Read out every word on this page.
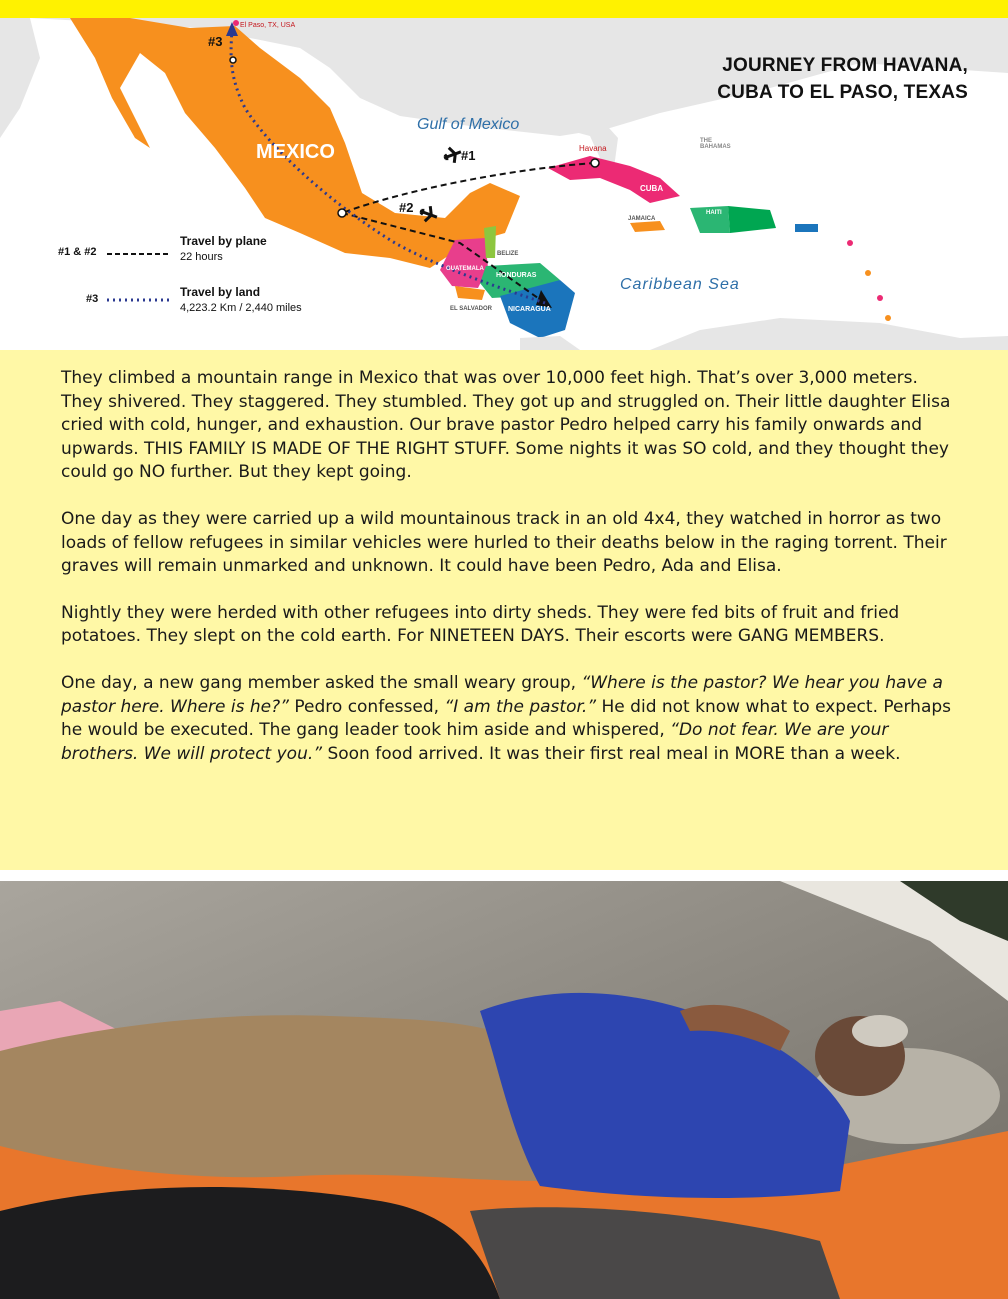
El Paso, TX, USA
#3
#1
#2
Havana
MEXICO
Gulf of Mexico
Caribbean Sea
CUBA
GUATEMALA
HONDURAS
NICARAGUA
EL SALVADOR
BELIZE
THE BAHAMAS
JAMAICA
HAITI
JOURNEY FROM HAVANA,
CUBA TO EL PASO, TEXAS
#1 & #2
Travel by plane
22 hours
#3	Travel by land
4,223.2 Km / 2,440 miles

They climbed a mountain range in Mexico that was over 10,000 feet high. That’s over 3,000 meters. They shivered. They staggered. They stumbled. They got up and struggled on. Their little daughter Elisa cried with cold, hunger, and exhaustion. Our brave pastor Pedro helped carry his family onwards and upwards. THIS FAMILY IS MADE OF THE RIGHT STUFF. Some nights it was SO cold, and they thought they could go NO further. But they kept going.

One day as they were carried up a wild mountainous track in an old 4x4, they watched in horror as two loads of fellow refugees in similar vehicles were hurled to their deaths below in the raging torrent. Their graves will remain unmarked and unknown. It could have been Pedro, Ada and Elisa.

Nightly they were herded with other refugees into dirty sheds. They were fed bits of fruit and fried potatoes. They slept on the cold earth. For NINETEEN DAYS. Their escorts were GANG MEMBERS.

One day, a new gang member asked the small weary group, “Where is the pastor? We hear you have a pastor here. Where is he?” Pedro confessed, “I am the pastor.” He did not know what to expect. Perhaps he would be executed. The gang leader took him aside and whispered, “Do not fear. We are your brothers. We will protect you.” Soon food arrived. It was their first real meal in MORE than a week.
